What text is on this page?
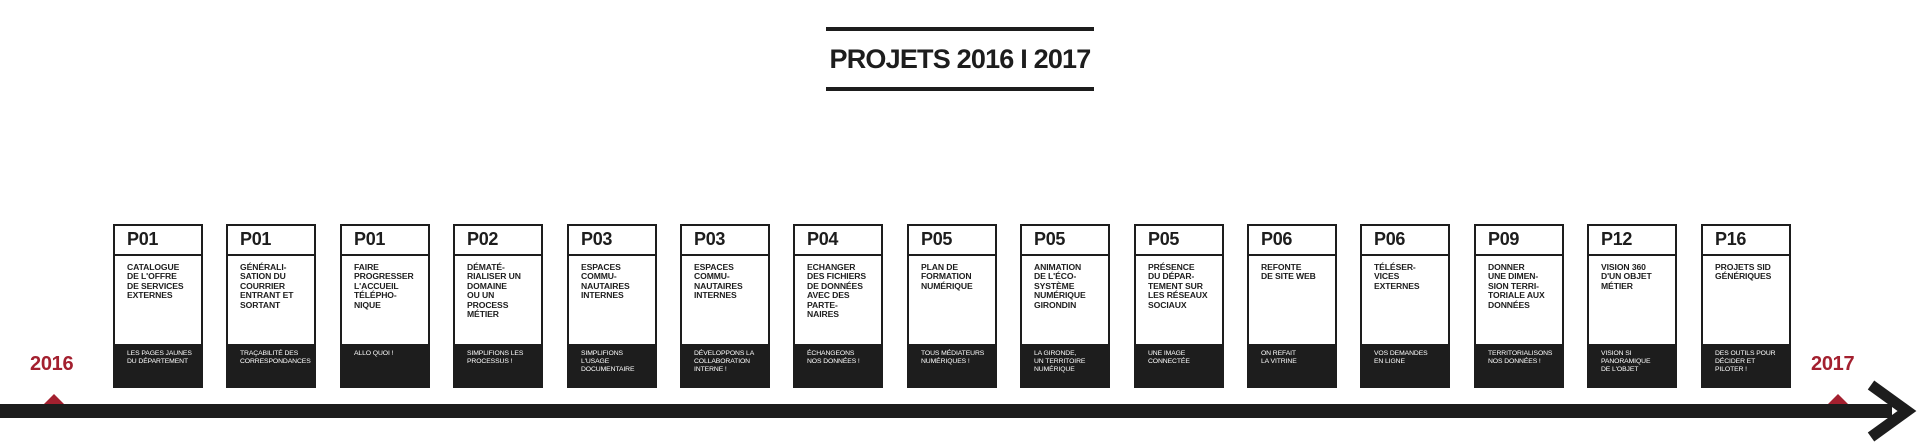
PROJETS 2016 I 2017
P01
CATALOGUE
DE L'OFFRE
DE SERVICES
EXTERNES
LES PAGES JAUNES
DU DÉPARTEMENT
P01
GÉNÉRALI-
SATION DU
COURRIER
ENTRANT ET
SORTANT
TRAÇABILITÉ DES
CORRESPONDANCES
P01
FAIRE
PROGRESSER
L'ACCUEIL
TÉLÉPHO-
NIQUE
ALLO QUOI !
P02
DÉMATÉ-
RIALISER UN
DOMAINE
OU UN
PROCESS
MÉTIER
SIMPLIFIONS LES
PROCESSUS !
P03
ESPACES
COMMU-
NAUTAIRES
INTERNES
SIMPLIFIONS L'USAGE
DOCUMENTAIRE
P03
ESPACES
COMMU-
NAUTAIRES
INTERNES
DÉVELOPPONS LA
COLLABORATION
INTERNE !
P04
ECHANGER
DES FICHIERS
DE DONNÉES
AVEC DES
PARTE-
NAIRES
ÉCHANGEONS
NOS DONNÉES !
P05
PLAN DE
FORMATION
NUMÉRIQUE
TOUS MÉDIATEURS
NUMÉRIQUES !
P05
ANIMATION
DE L'ÉCO-
SYSTÈME
NUMÉRIQUE
GIRONDIN
LA GIRONDE,
UN TERRITOIRE
NUMÉRIQUE
P05
PRÉSENCE
DU DÉPAR-
TEMENT SUR
LES RÉSEAUX
SOCIAUX
UNE IMAGE
CONNECTÉE
P06
REFONTE
DE SITE WEB
ON REFAIT
LA VITRINE
P06
TÉLÉSER-
VICES
EXTERNES
VOS DEMANDES
EN LIGNE
P09
DONNER
UNE DIMEN-
SION TERRI-
TORIALE AUX
DONNÉES
TERRITORIALISONS
NOS DONNÉES !
P12
VISION 360
D'UN OBJET
MÉTIER
VISION SI
PANORAMIQUE
DE L'OBJET
P16
PROJETS SID
GÉNÉRIQUES
DES OUTILS POUR
DÉCIDER ET PILOTER !
2016	2017
